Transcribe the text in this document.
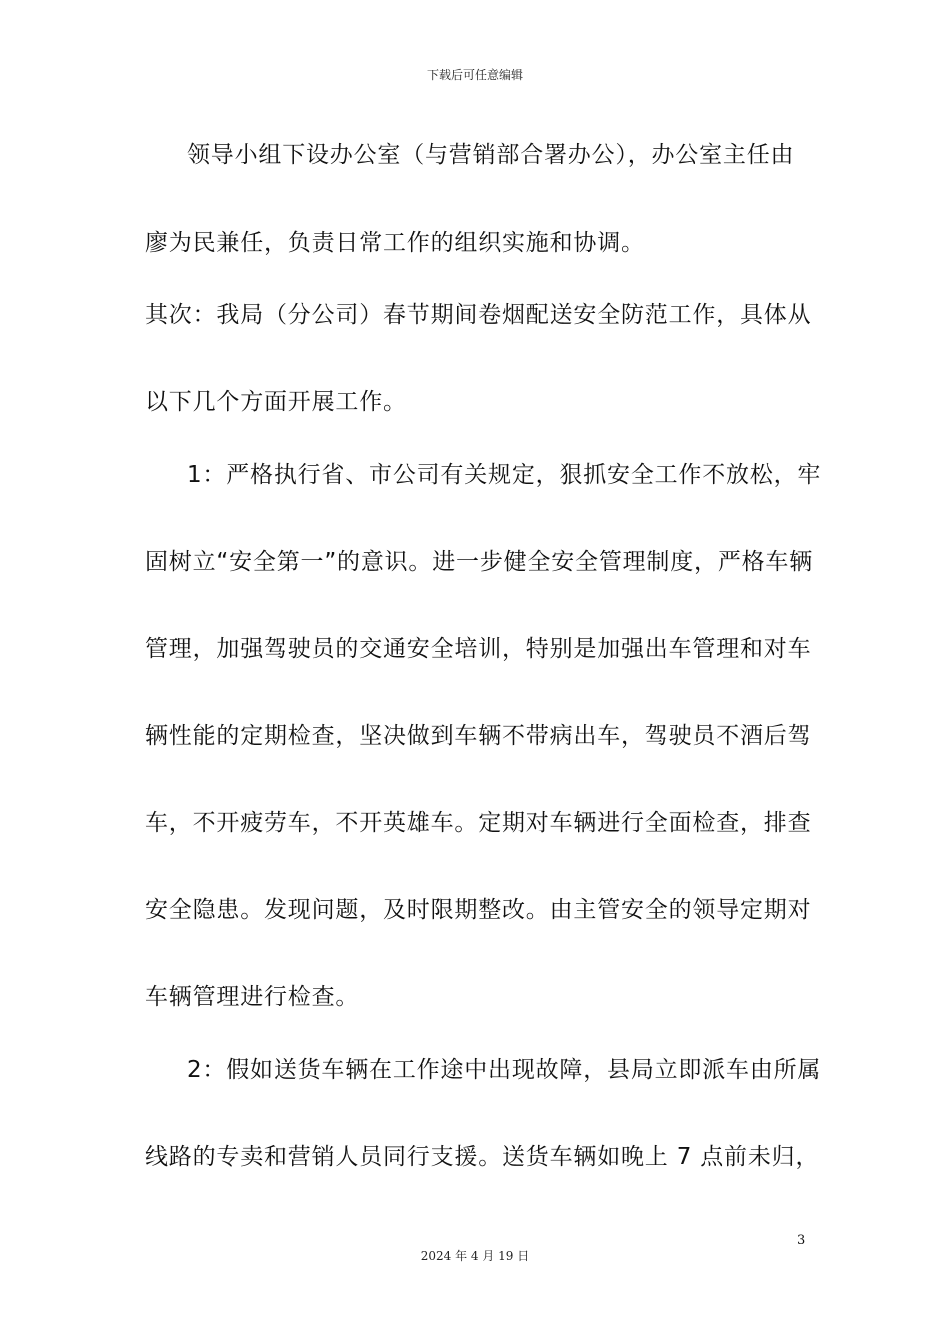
下载后可任意编辑
领导小组下设办公室（与营销部合署办公），办公室主任由
廖为民兼任，负责日常工作的组织实施和协调。
其次：我局（分公司）春节期间卷烟配送安全防范工作，具体从
以下几个方面开展工作。
1：严格执行省、市公司有关规定，狠抓安全工作不放松，牢
固树立“安全第一”的意识。进一步健全安全管理制度，严格车辆
管理，加强驾驶员的交通安全培训，特别是加强出车管理和对车
辆性能的定期检查，坚决做到车辆不带病出车，驾驶员不酒后驾
车，不开疲劳车，不开英雄车。定期对车辆进行全面检查，排查
安全隐患。发现问题，及时限期整改。由主管安全的领导定期对
车辆管理进行检查。
2：假如送货车辆在工作途中出现故障，县局立即派车由所属
线路的专卖和营销人员同行支援。送货车辆如晚上 7 点前未归，
3
2024 年 4 月 19 日
